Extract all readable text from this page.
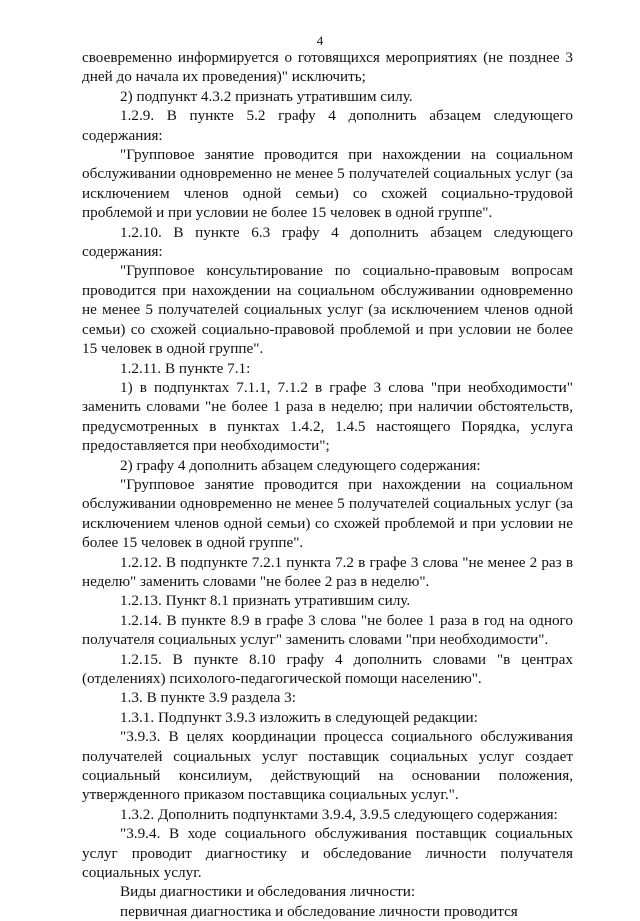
4

своевременно информируется о готовящихся мероприятиях (не позднее 3 дней до начала их проведения)" исключить;

2) подпункт 4.3.2 признать утратившим силу.

1.2.9. В пункте 5.2 графу 4 дополнить абзацем следующего содержания:

"Групповое занятие проводится при нахождении на социальном обслуживании одновременно не менее 5 получателей социальных услуг (за исключением членов одной семьи) со схожей социально-трудовой проблемой и при условии не более 15 человек в одной группе".

1.2.10. В пункте 6.3 графу 4 дополнить абзацем следующего содержания:

"Групповое консультирование по социально-правовым вопросам проводится при нахождении на социальном обслуживании одновременно не менее 5 получателей социальных услуг (за исключением членов одной семьи) со схожей социально-правовой проблемой и при условии не более 15 человек в одной группе".

1.2.11. В пункте 7.1:

1) в подпунктах 7.1.1, 7.1.2 в графе 3 слова "при необходимости" заменить словами "не более 1 раза в неделю; при наличии обстоятельств, предусмотренных в пунктах 1.4.2, 1.4.5 настоящего Порядка, услуга предоставляется при необходимости";

2) графу 4 дополнить абзацем следующего содержания:

"Групповое занятие проводится при нахождении на социальном обслуживании одновременно не менее 5 получателей социальных услуг (за исключением членов одной семьи) со схожей проблемой и при условии не более 15 человек в одной группе".

1.2.12. В подпункте 7.2.1 пункта 7.2 в графе 3 слова "не менее 2 раз в неделю" заменить словами "не более 2 раз в неделю".

1.2.13. Пункт 8.1 признать утратившим силу.

1.2.14. В пункте 8.9 в графе 3 слова "не более 1 раза в год на одного получателя социальных услуг" заменить словами "при необходимости".

1.2.15. В пункте 8.10 графу 4 дополнить словами "в центрах (отделениях) психолого-педагогической помощи населению".

1.3. В пункте 3.9 раздела 3:

1.3.1. Подпункт 3.9.3 изложить в следующей редакции:

"3.9.3. В целях координации процесса социального обслуживания получателей социальных услуг поставщик социальных услуг создает социальный консилиум, действующий на основании положения, утвержденного приказом поставщика социальных услуг.".

1.3.2. Дополнить подпунктами 3.9.4, 3.9.5 следующего содержания:

"3.9.4. В ходе социального обслуживания поставщик социальных услуг проводит диагностику и обследование личности получателя социальных услуг.

Виды диагностики и обследования личности:

первичная диагностика и обследование личности проводится
